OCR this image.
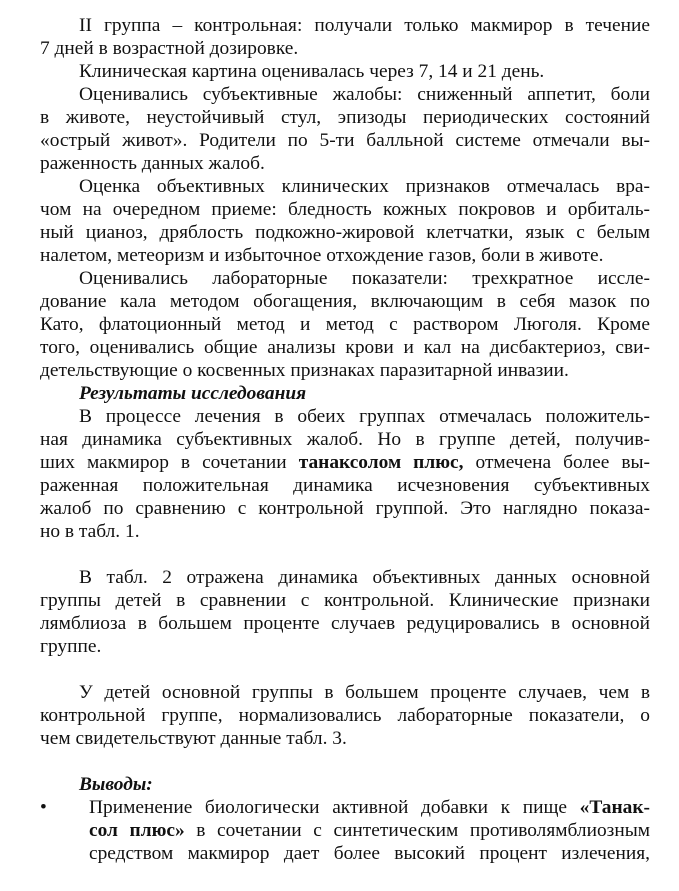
II группа – контрольная: получали только макмирор в течение
7 дней в возрастной дозировке.
Клиническая картина оценивалась через 7, 14 и 21 день.
Оценивались субъективные жалобы: сниженный аппетит, боли
в животе, неустойчивый стул, эпизоды периодических состояний
«острый живот». Родители по 5-ти балльной системе отмечали вы-
раженность данных жалоб.
Оценка объективных клинических признаков отмечалась вра-
чом на очередном приеме: бледность кожных покровов и орбиталь-
ный цианоз, дряблость подкожно-жировой клетчатки, язык с белым
налетом, метеоризм и избыточное отхождение газов, боли в животе.
Оценивались лабораторные показатели: трехкратное иссле-
дование кала методом обогащения, включающим в себя мазок по
Като, флатоционный метод и метод с раствором Люголя. Кроме
того, оценивались общие анализы крови и кал на дисбактериоз, сви-
детельствующие о косвенных признаках паразитарной инвазии.
Результаты исследования
В процессе лечения в обеих группах отмечалась положитель-
ная динамика субъективных жалоб. Но в группе детей, получив-
ших макмирор в сочетании танаксолом плюс, отмечена более вы-
раженная положительная динамика исчезновения субъективных
жалоб по сравнению с контрольной группой. Это наглядно показа-
но в табл. 1.
В табл. 2 отражена динамика объективных данных основной
группы детей в сравнении с контрольной. Клинические признаки
лямблиоза в большем проценте случаев редуцировались в основной
группе.
У детей основной группы в большем проценте случаев, чем в
контрольной группе, нормализовались лабораторные показатели, о
чем свидетельствуют данные табл. 3.
Выводы:
• Применение биологически активной добавки к пище «Танак-
сол плюс» в сочетании с синтетическим противолямблиозным
средством макмирор дает более высокий процент излечения,
